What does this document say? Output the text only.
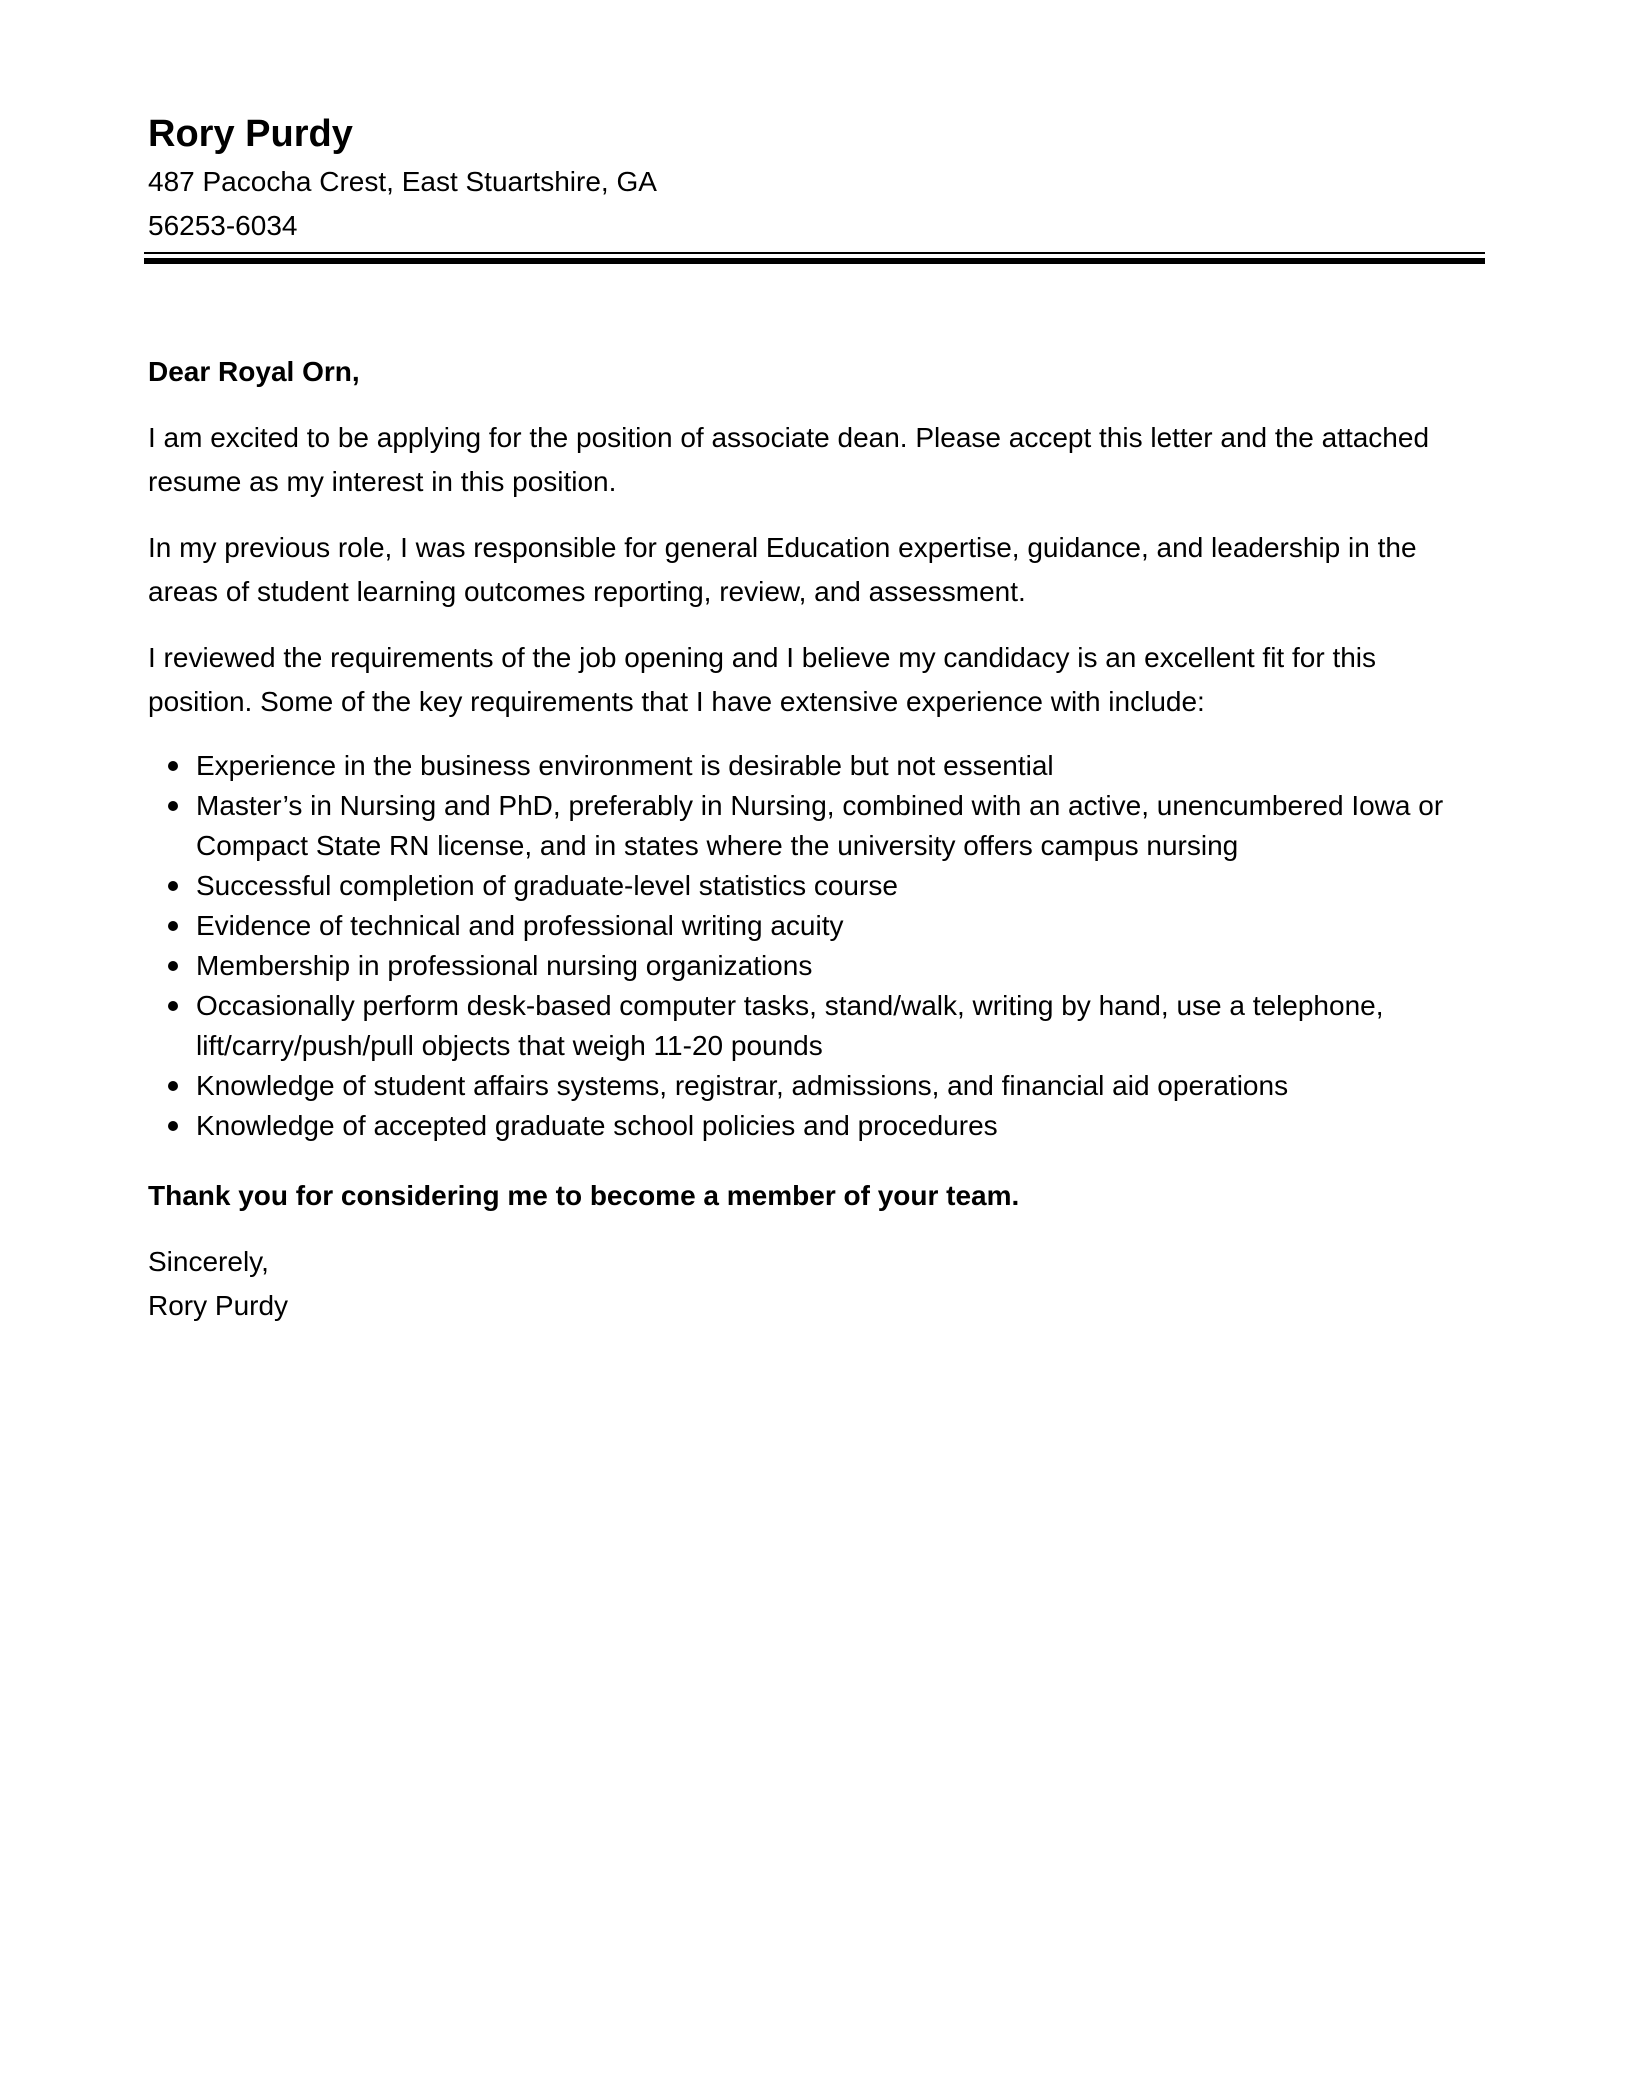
Rory Purdy
487 Pacocha Crest, East Stuartshire, GA 56253-6034

Dear Royal Orn,

I am excited to be applying for the position of associate dean. Please accept this letter and the attached resume as my interest in this position.

In my previous role, I was responsible for general Education expertise, guidance, and leadership in the areas of student learning outcomes reporting, review, and assessment.

I reviewed the requirements of the job opening and I believe my candidacy is an excellent fit for this position. Some of the key requirements that I have extensive experience with include:

Experience in the business environment is desirable but not essential
Master’s in Nursing and PhD, preferably in Nursing, combined with an active, unencumbered Iowa or Compact State RN license, and in states where the university offers campus nursing
Successful completion of graduate-level statistics course
Evidence of technical and professional writing acuity
Membership in professional nursing organizations
Occasionally perform desk-based computer tasks, stand/walk, writing by hand, use a telephone, lift/carry/push/pull objects that weigh 11-20 pounds
Knowledge of student affairs systems, registrar, admissions, and financial aid operations
Knowledge of accepted graduate school policies and procedures

Thank you for considering me to become a member of your team.

Sincerely,

Rory Purdy
